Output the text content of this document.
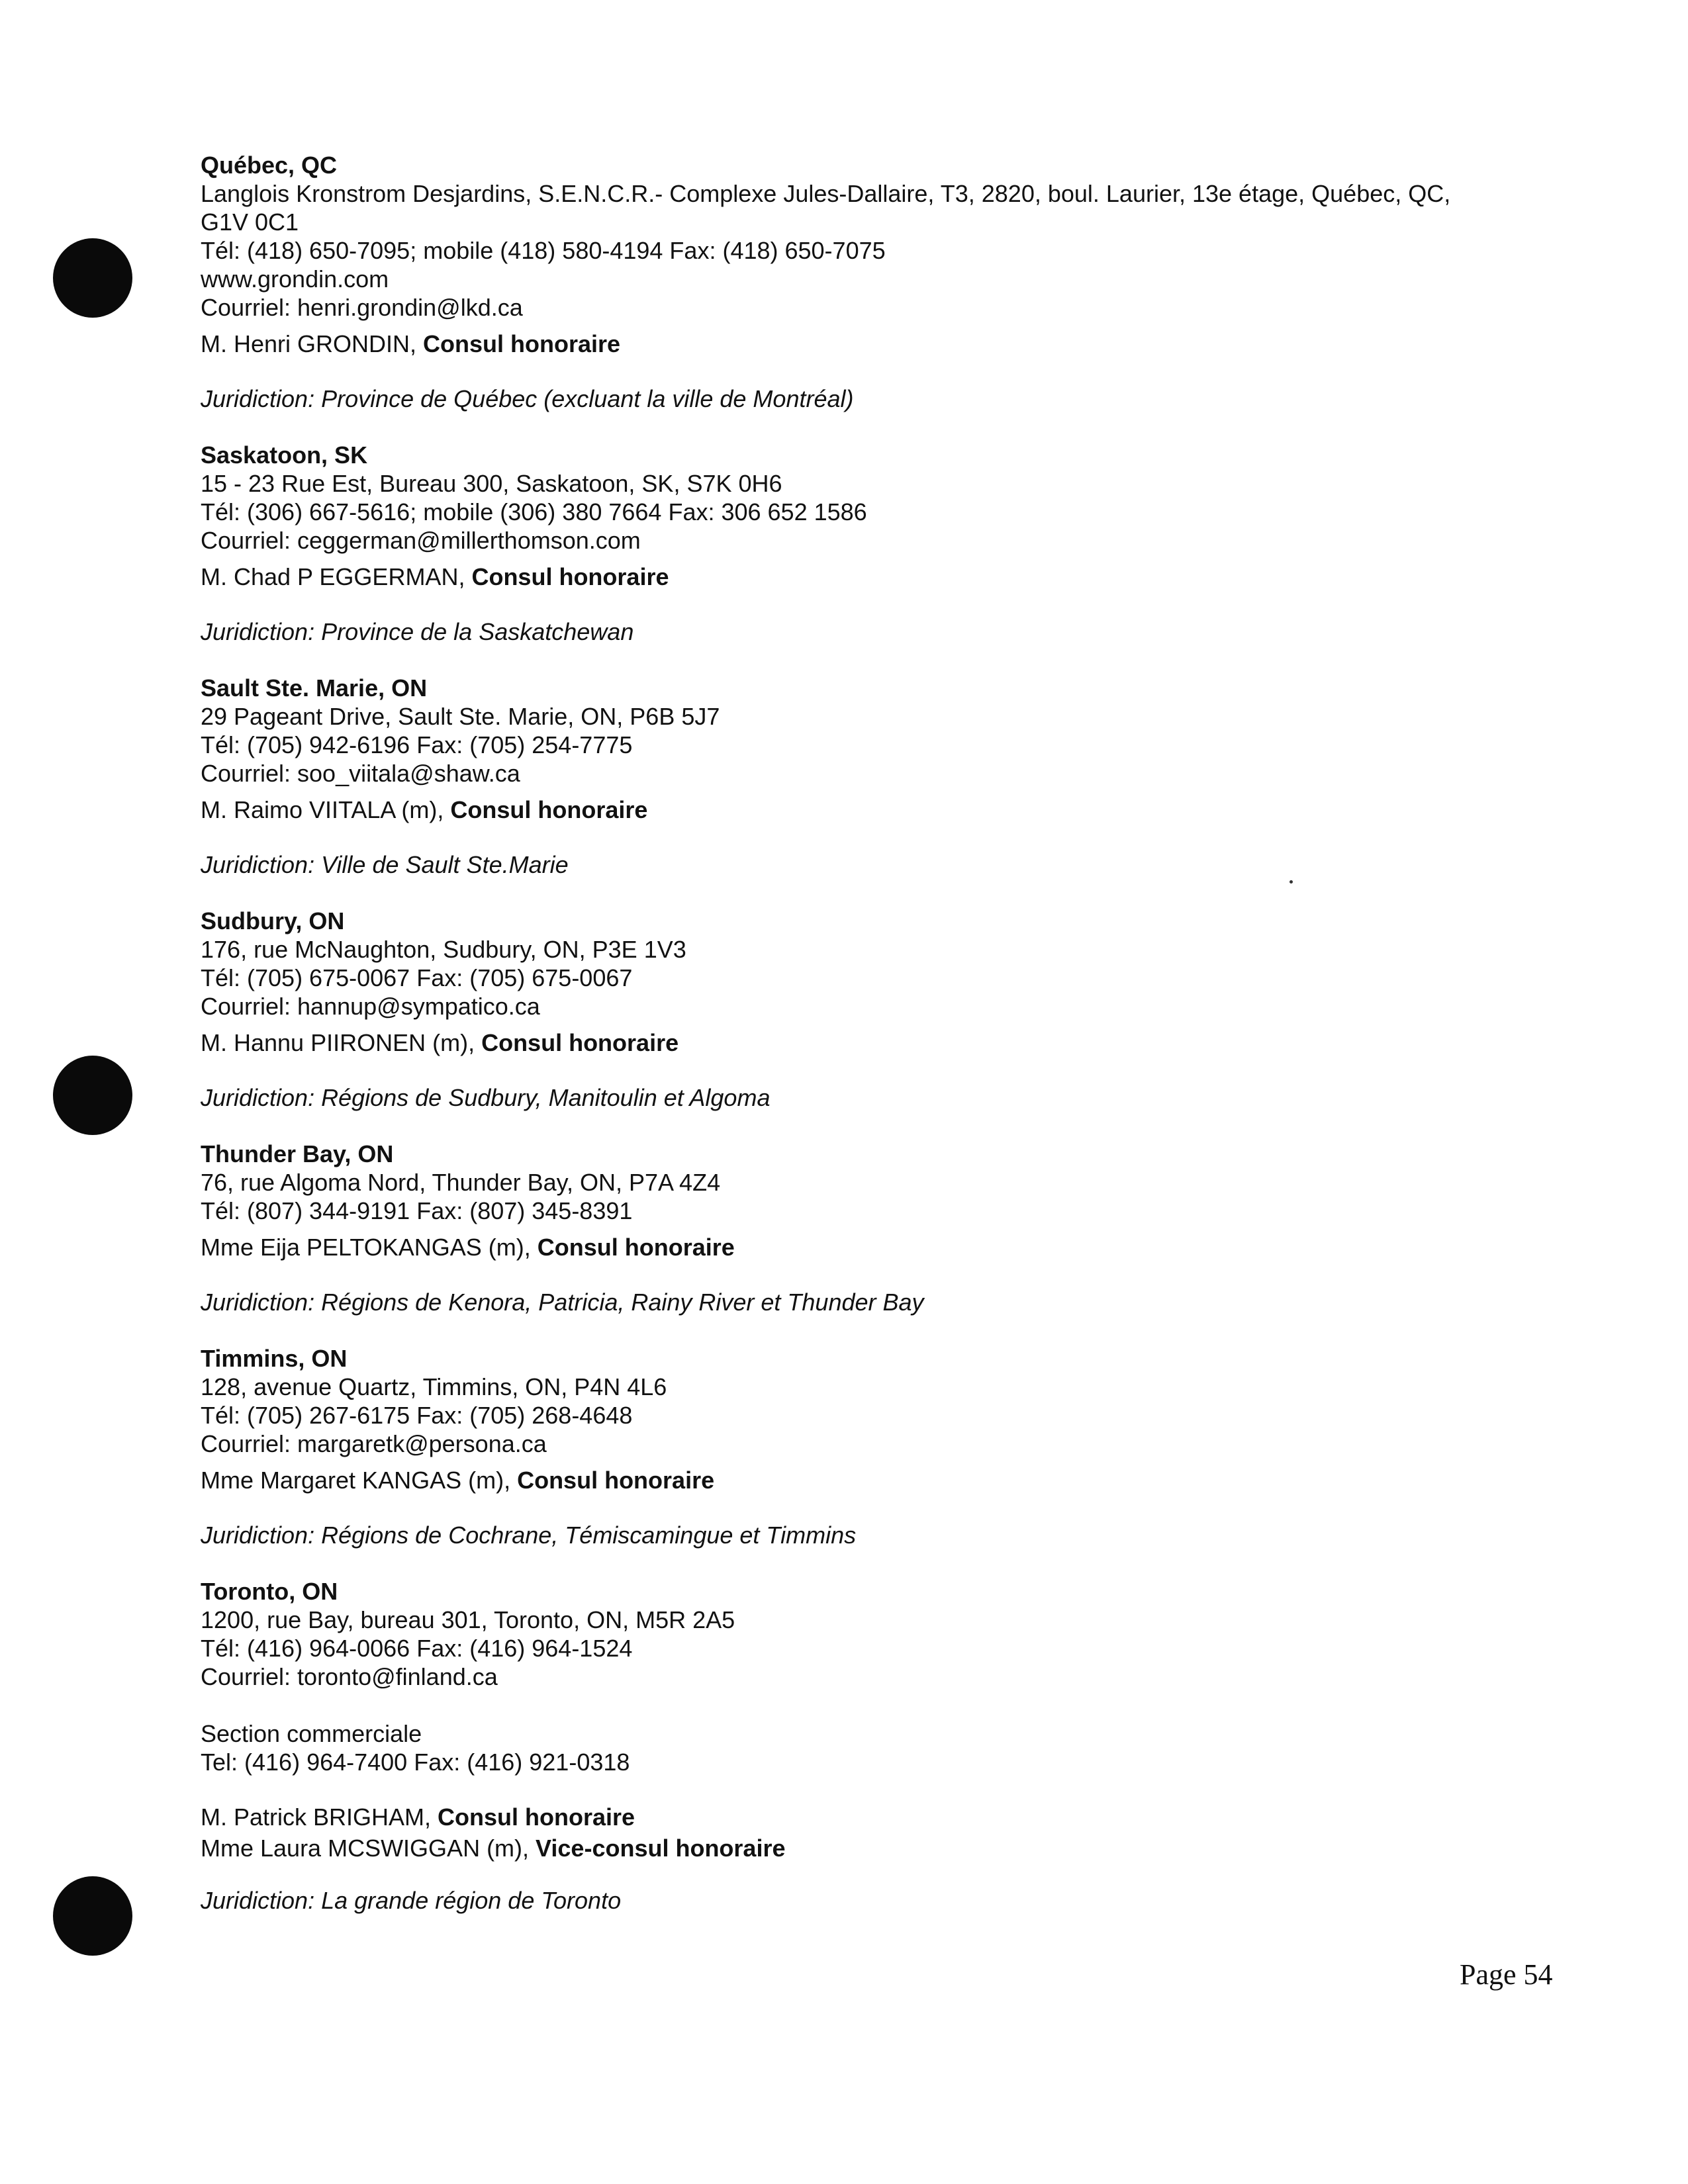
Québec, QC
Langlois Kronstrom Desjardins, S.E.N.C.R.- Complexe Jules-Dallaire, T3, 2820, boul. Laurier, 13e étage, Québec, QC, G1V 0C1
Tél: (418) 650-7095; mobile (418) 580-4194 Fax: (418) 650-7075
www.grondin.com
Courriel: henri.grondin@lkd.ca
M. Henri GRONDIN, Consul honoraire
Juridiction: Province de Québec (excluant la ville de Montréal)
Saskatoon, SK
15 - 23 Rue Est, Bureau 300, Saskatoon, SK, S7K 0H6
Tél: (306) 667-5616; mobile (306) 380 7664 Fax: 306 652 1586
Courriel: ceggerman@millerthomson.com
M. Chad P EGGERMAN, Consul honoraire
Juridiction: Province de la Saskatchewan
Sault Ste. Marie, ON
29 Pageant Drive, Sault Ste. Marie, ON, P6B 5J7
Tél: (705) 942-6196 Fax: (705) 254-7775
Courriel: soo_viitala@shaw.ca
M. Raimo VIITALA (m), Consul honoraire
Juridiction: Ville de Sault Ste.Marie
Sudbury, ON
176, rue McNaughton, Sudbury, ON, P3E 1V3
Tél: (705) 675-0067 Fax: (705) 675-0067
Courriel: hannup@sympatico.ca
M. Hannu PIIRONEN (m), Consul honoraire
Juridiction: Régions de Sudbury, Manitoulin et Algoma
Thunder Bay, ON
76, rue Algoma Nord, Thunder Bay, ON, P7A 4Z4
Tél: (807) 344-9191 Fax: (807) 345-8391
Mme Eija PELTOKANGAS (m), Consul honoraire
Juridiction: Régions de Kenora, Patricia, Rainy River et Thunder Bay
Timmins, ON
128, avenue Quartz, Timmins, ON, P4N 4L6
Tél: (705) 267-6175 Fax: (705) 268-4648
Courriel: margaretk@persona.ca
Mme Margaret KANGAS (m), Consul honoraire
Juridiction: Régions de Cochrane, Témiscamingue et Timmins
Toronto, ON
1200, rue Bay, bureau 301, Toronto, ON, M5R 2A5
Tél: (416) 964-0066 Fax: (416) 964-1524
Courriel: toronto@finland.ca
Section commerciale
Tel: (416) 964-7400 Fax: (416) 921-0318
M. Patrick BRIGHAM, Consul honoraire
Mme Laura MCSWIGGAN (m), Vice-consul honoraire
Juridiction: La grande région de Toronto
Page 54
